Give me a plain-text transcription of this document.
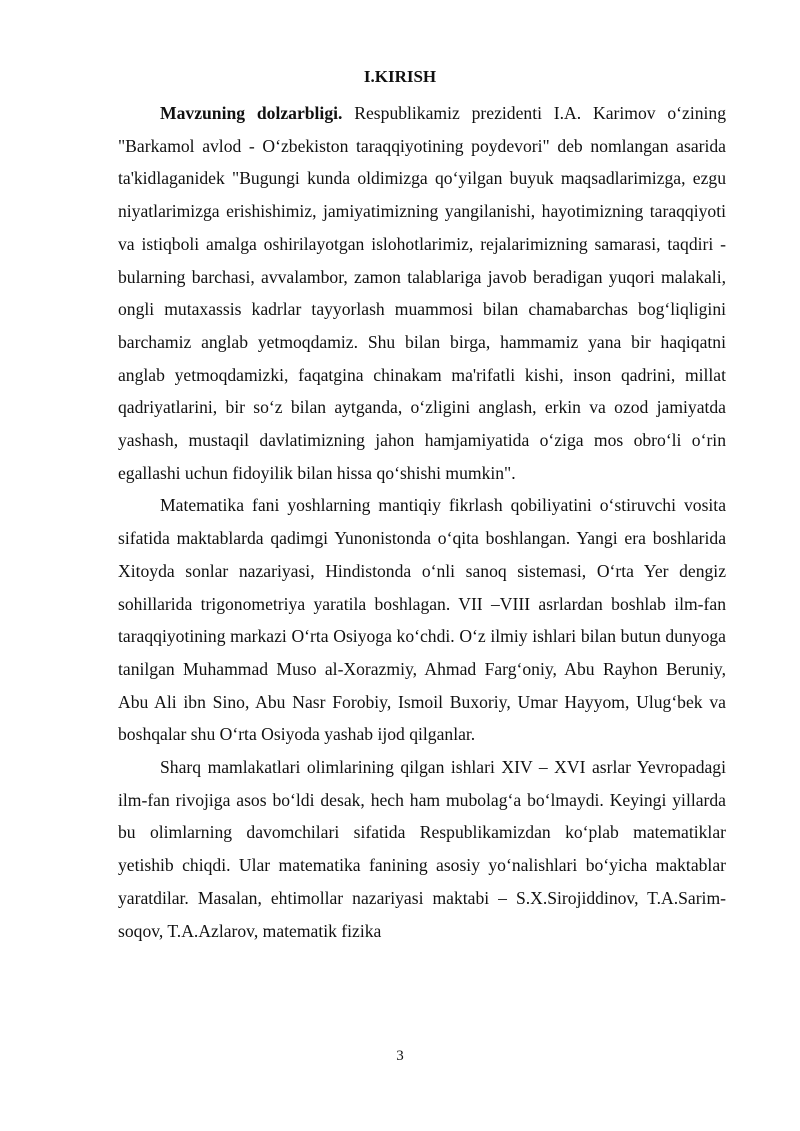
I.KIRISH

Mavzuning dolzarbligi. Respublikamiz prezidenti I.A. Karimov o‘zining "Barkamol avlod - O‘zbekiston taraqqiyotining poydevori" deb nomlangan asarida ta'kidlaganidek "Bugungi kunda oldimizga qo‘yilgan buyuk maqsadlarimizga, ezgu niyatlarimizga erishishimiz, jamiyatimizning yangilanishi, hayotimizning taraqqiyoti va istiqboli amalga oshirilayotgan islohotlarimiz, rejalarimizning samarasi, taqdiri - bularning barchasi, avvalambor, zamon talablariga javob beradigan yuqori malakali, ongli mutaxassis kadrlar tayyorlash muammosi bilan chamabarchas bog‘liqligini barchamiz anglab yetmoqdamiz. Shu bilan birga, hammamiz yana bir haqiqatni anglab yetmoqdamizki, faqatgina chinakam ma'rifatli kishi, inson qadrini, millat qadriyatlarini, bir so‘z bilan aytganda, o‘zligini anglash, erkin va ozod jamiyatda yashash, mustaqil davlatimizning jahon hamjamiyatida o‘ziga mos obro‘li o‘rin egallashi uchun fidoyilik bilan hissa qo‘shishi mumkin".

Matematika fani yoshlarning mantiqiy fikrlash qobiliyatini o‘stiruvchi vosita sifatida maktablarda qadimgi Yunonistonda o‘qita boshlangan. Yangi era boshlarida Xitoyda sonlar nazariyasi, Hindistonda o‘nli sanoq sistemasi, O‘rta Yer dengiz sohillarida trigonometriya yaratila boshlagan. VII –VIII asrlardan boshlab ilm-fan taraqqiyotining markazi O‘rta Osiyoga ko‘chdi. O‘z ilmiy ishlari bilan butun dunyoga tanilgan Muhammad Muso al-Xorazmiy, Ahmad Farg‘oniy, Abu Rayhon Beruniy, Abu Ali ibn Sino, Abu Nasr Forobiy, Ismoil Buxoriy, Umar Hayyom, Ulug‘bek va boshqalar shu O‘rta Osiyoda yashab ijod qilganlar.

Sharq mamlakatlari olimlarining qilgan ishlari XIV – XVI asrlar Yevropadagi ilm-fan rivojiga asos bo‘ldi desak, hech ham mubolag‘a bo‘lmaydi. Keyingi yillarda bu olimlarning davomchilari sifatida Respublikamizdan ko‘plab matematiklar yetishib chiqdi. Ular matematika fanining asosiy yo‘nalishlari bo‘yicha maktablar yaratdilar. Masalan, ehtimollar nazariyasi maktabi – S.X.Sirojiddinov, T.A.Sarim-soqov, T.A.Azlarov, matematik fizika

3
